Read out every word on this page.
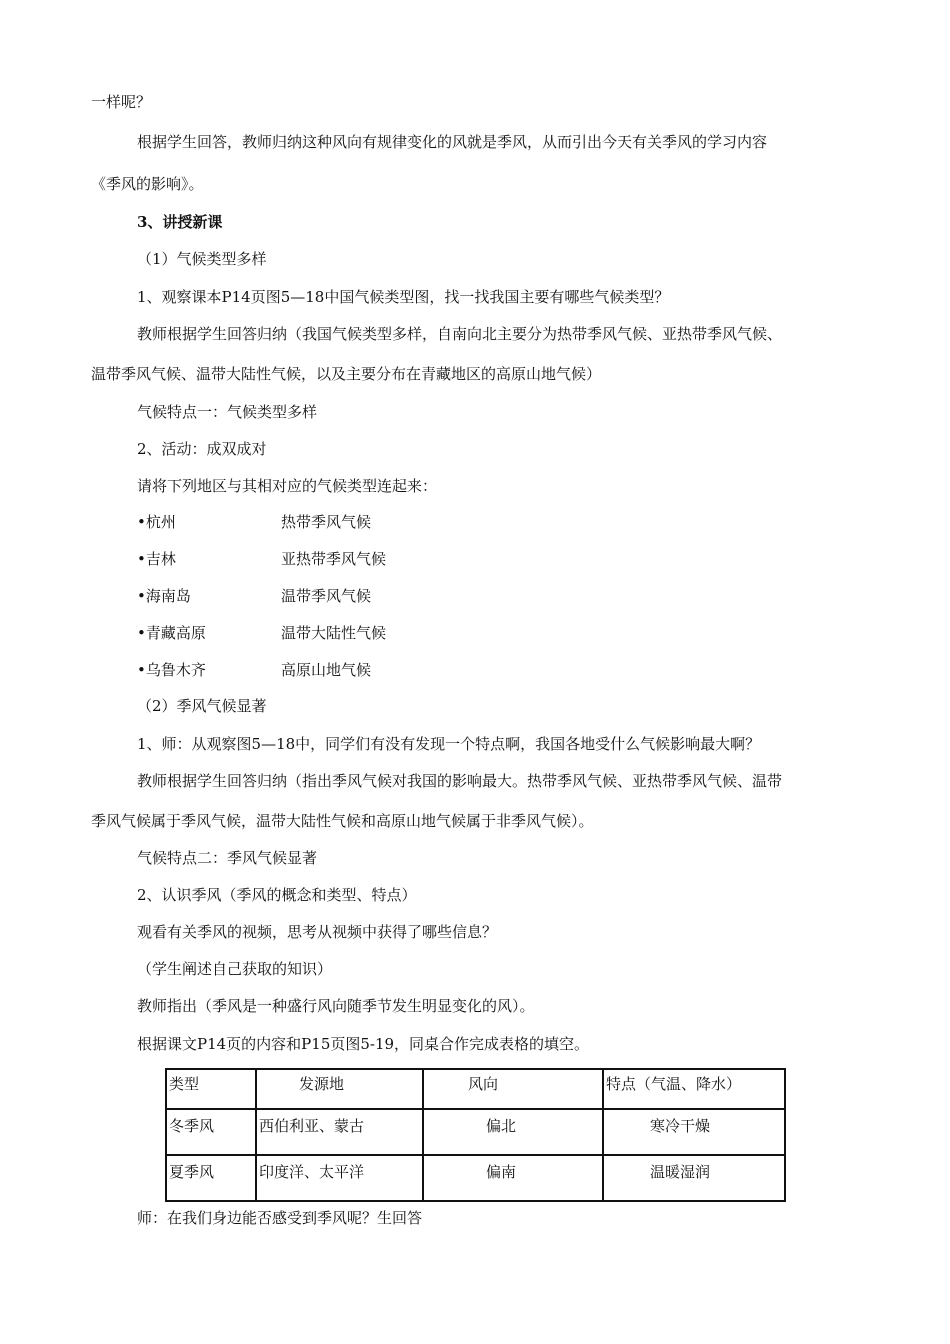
一样呢？
根据学生回答，教师归纳这种风向有规律变化的风就是季风，从而引出今天有关季风的学习内容
《季风的影响》。
3、讲授新课
（1）气候类型多样
1、观察课本P14页图5—18中国气候类型图，找一找我国主要有哪些气候类型？
教师根据学生回答归纳（我国气候类型多样，自南向北主要分为热带季风气候、亚热带季风气候、
温带季风气候、温带大陆性气候，以及主要分布在青藏地区的高原山地气候）
气候特点一：气候类型多样
2、活动：成双成对
请将下列地区与其相对应的气候类型连起来：
•杭州	热带季风气候
•吉林	亚热带季风气候
•海南岛	温带季风气候
•青藏高原	温带大陆性气候
•乌鲁木齐	高原山地气候
（2）季风气候显著
1、师：从观察图5—18中，同学们有没有发现一个特点啊，我国各地受什么气候影响最大啊？
教师根据学生回答归纳（指出季风气候对我国的影响最大。热带季风气候、亚热带季风气候、温带
季风气候属于季风气候，温带大陆性气候和高原山地气候属于非季风气候）。
气候特点二：季风气候显著
2、认识季风（季风的概念和类型、特点）
观看有关季风的视频，思考从视频中获得了哪些信息？
（学生阐述自己获取的知识）
教师指出（季风是一种盛行风向随季节发生明显变化的风）。
根据课文P14页的内容和P15页图5-19，同桌合作完成表格的填空。
类型	发源地	风向	特点（气温、降水）
冬季风	西伯利亚、蒙古	偏北	寒冷干燥
夏季风	印度洋、太平洋	偏南	温暖湿润
师：在我们身边能否感受到季风呢？生回答
